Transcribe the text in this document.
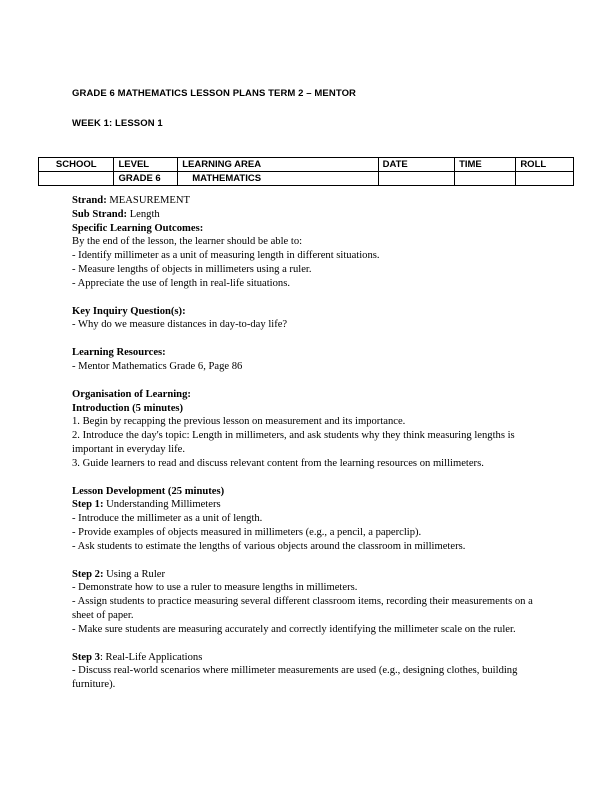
GRADE 6 MATHEMATICS LESSON PLANS TERM 2 – MENTOR
WEEK 1: LESSON 1
SCHOOL	LEVEL	LEARNING AREA	DATE	TIME	ROLL
	GRADE 6	MATHEMATICS			

Strand: MEASUREMENT

Sub Strand: Length

Specific Learning Outcomes:

By the end of the lesson, the learner should be able to:

- Identify millimeter as a unit of measuring length in different situations.

- Measure lengths of objects in millimeters using a ruler.

- Appreciate the use of length in real-life situations.

Key Inquiry Question(s):

- Why do we measure distances in day-to-day life?

Learning Resources:

- Mentor Mathematics Grade 6, Page 86

Organisation of Learning:

Introduction (5 minutes)

1. Begin by recapping the previous lesson on measurement and its importance.

2. Introduce the day's topic: Length in millimeters, and ask students why they think measuring lengths is important in everyday life.

3. Guide learners to read and discuss relevant content from the learning resources on millimeters.

Lesson Development (25 minutes)

Step 1: Understanding Millimeters

- Introduce the millimeter as a unit of length.

- Provide examples of objects measured in millimeters (e.g., a pencil, a paperclip).

- Ask students to estimate the lengths of various objects around the classroom in millimeters.

Step 2: Using a Ruler

- Demonstrate how to use a ruler to measure lengths in millimeters.

- Assign students to practice measuring several different classroom items, recording their measurements on a sheet of paper.

- Make sure students are measuring accurately and correctly identifying the millimeter scale on the ruler.

Step 3: Real-Life Applications

- Discuss real-world scenarios where millimeter measurements are used (e.g., designing clothes, building furniture).
